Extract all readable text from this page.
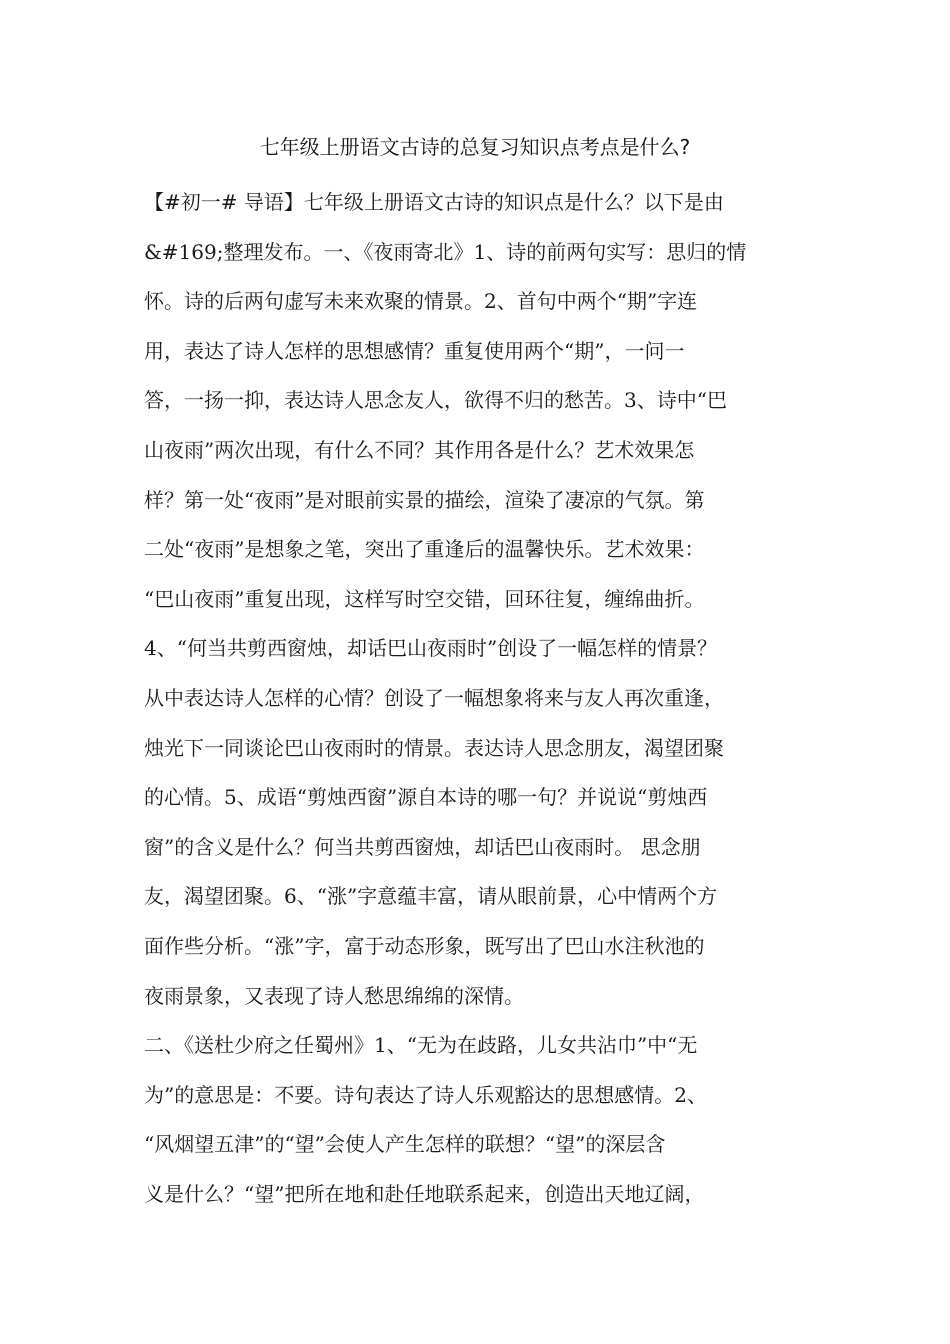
七年级上册语文古诗的总复习知识点考点是什么?
【#初一# 导语】七年级上册语文古诗的知识点是什么？以下是由
&#169;整理发布。一、《夜雨寄北》1、诗的前两句实写：思归的情
怀。诗的后两句虚写未来欢聚的情景。2、首句中两个“期”字连
用，表达了诗人怎样的思想感情？重复使用两个“期”，一问一
答，一扬一抑，表达诗人思念友人，欲得不归的愁苦。3、诗中“巴
山夜雨”两次出现，有什么不同？其作用各是什么？艺术效果怎
样？第一处“夜雨”是对眼前实景的描绘，渲染了凄凉的气氛。第
二处“夜雨”是想象之笔，突出了重逢后的温馨快乐。艺术效果：
“巴山夜雨”重复出现，这样写时空交错，回环往复，缠绵曲折。
4、“何当共剪西窗烛，却话巴山夜雨时”创设了一幅怎样的情景？
从中表达诗人怎样的心情？创设了一幅想象将来与友人再次重逢，
烛光下一同谈论巴山夜雨时的情景。表达诗人思念朋友，渴望团聚
的心情。5、成语“剪烛西窗”源自本诗的哪一句？并说说“剪烛西
窗”的含义是什么？何当共剪西窗烛，却话巴山夜雨时。 思念朋
友，渴望团聚。6、“涨”字意蕴丰富，请从眼前景，心中情两个方
面作些分析。“涨”字，富于动态形象，既写出了巴山水注秋池的
夜雨景象，又表现了诗人愁思绵绵的深情。
二、《送杜少府之任蜀州》1、“无为在歧路，儿女共沾巾”中“无
为”的意思是：不要。诗句表达了诗人乐观豁达的思想感情。2、
“风烟望五津”的“望”会使人产生怎样的联想？“望”的深层含
义是什么？“望”把所在地和赴任地联系起来，创造出天地辽阔，
